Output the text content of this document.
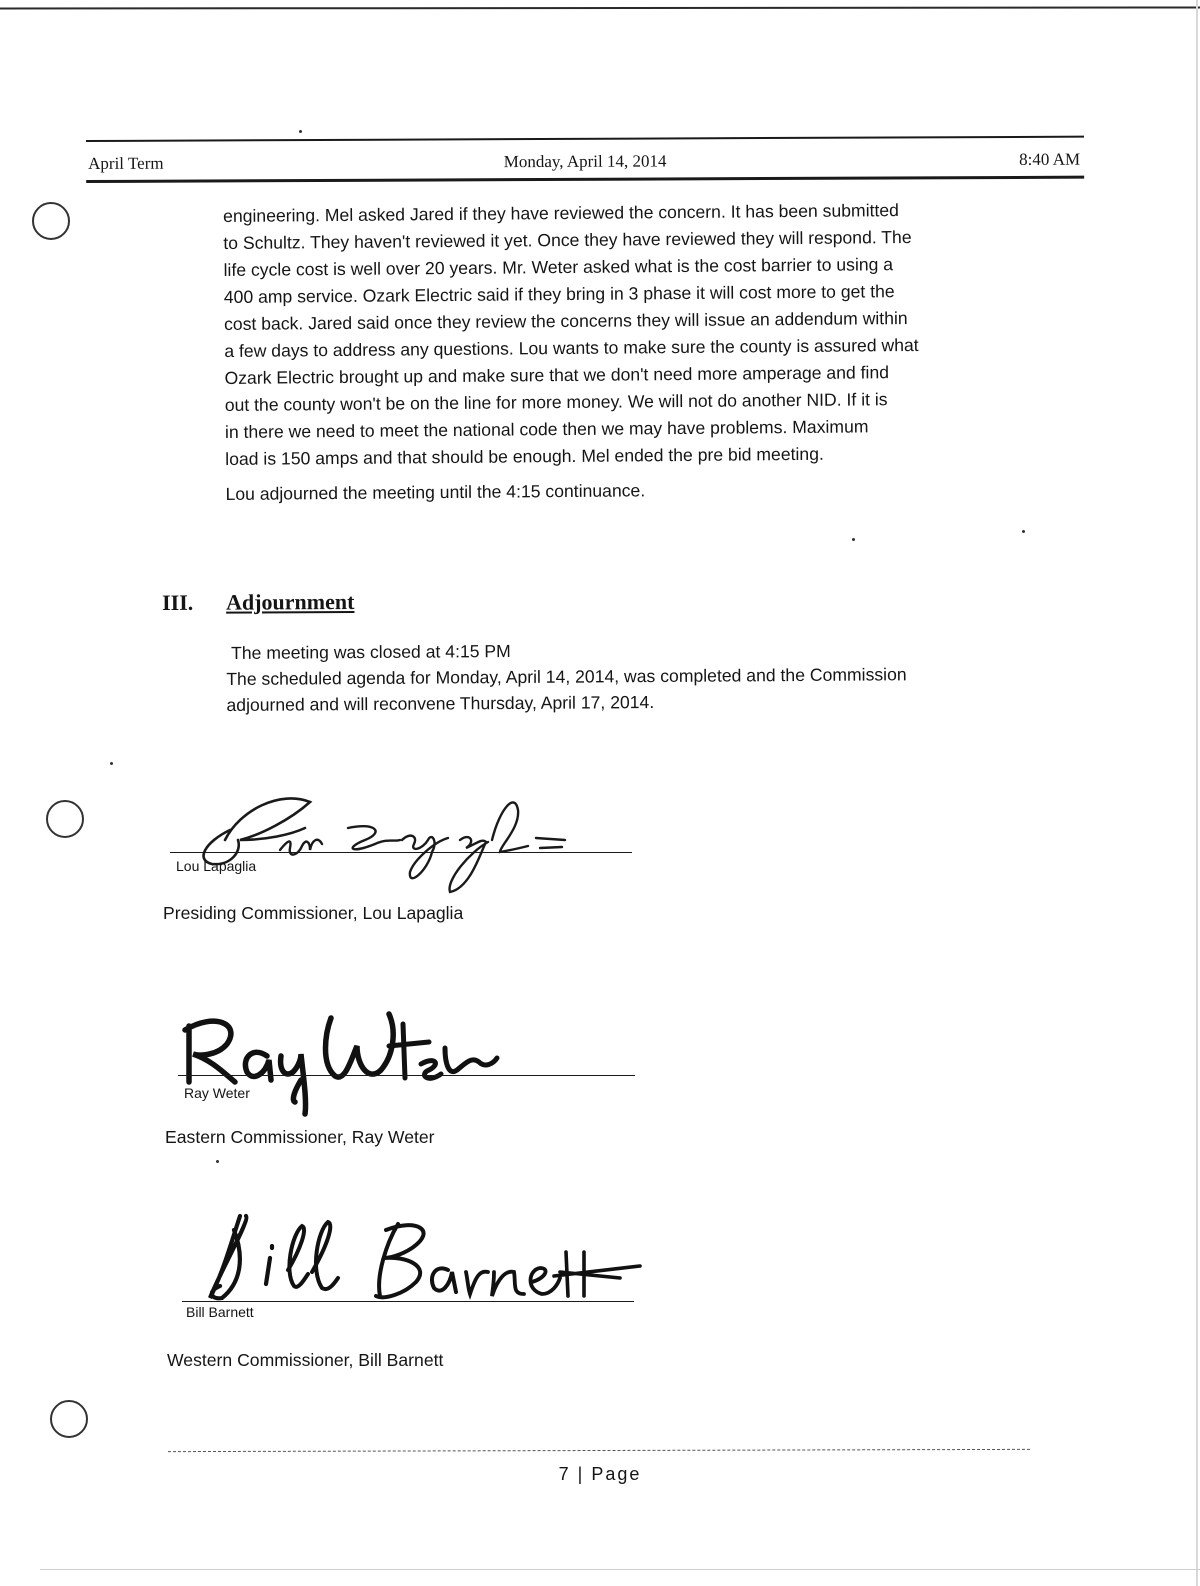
April Term	Monday, April 14, 2014	8:40 AM

engineering. Mel asked Jared if they have reviewed the concern. It has been submitted
to Schultz. They haven't reviewed it yet. Once they have reviewed they will respond. The
life cycle cost is well over 20 years. Mr. Weter asked what is the cost barrier to using a
400 amp service. Ozark Electric said if they bring in 3 phase it will cost more to get the
cost back. Jared said once they review the concerns they will issue an addendum within
a few days to address any questions. Lou wants to make sure the county is assured what
Ozark Electric brought up and make sure that we don't need more amperage and find
out the county won't be on the line for more money. We will not do another NID. If it is
in there we need to meet the national code then we may have problems. Maximum
load is 150 amps and that should be enough. Mel ended the pre bid meeting.

Lou adjourned the meeting until the 4:15 continuance.

III. Adjournment
The meeting was closed at 4:15 PM
The scheduled agenda for Monday, April 14, 2014, was completed and the Commission
adjourned and will reconvene Thursday, April 17, 2014.
Lou Lapaglia
Presiding Commissioner, Lou Lapaglia
Ray Weter
Eastern Commissioner, Ray Weter
Bill Barnett
Western Commissioner, Bill Barnett
7 | Page
